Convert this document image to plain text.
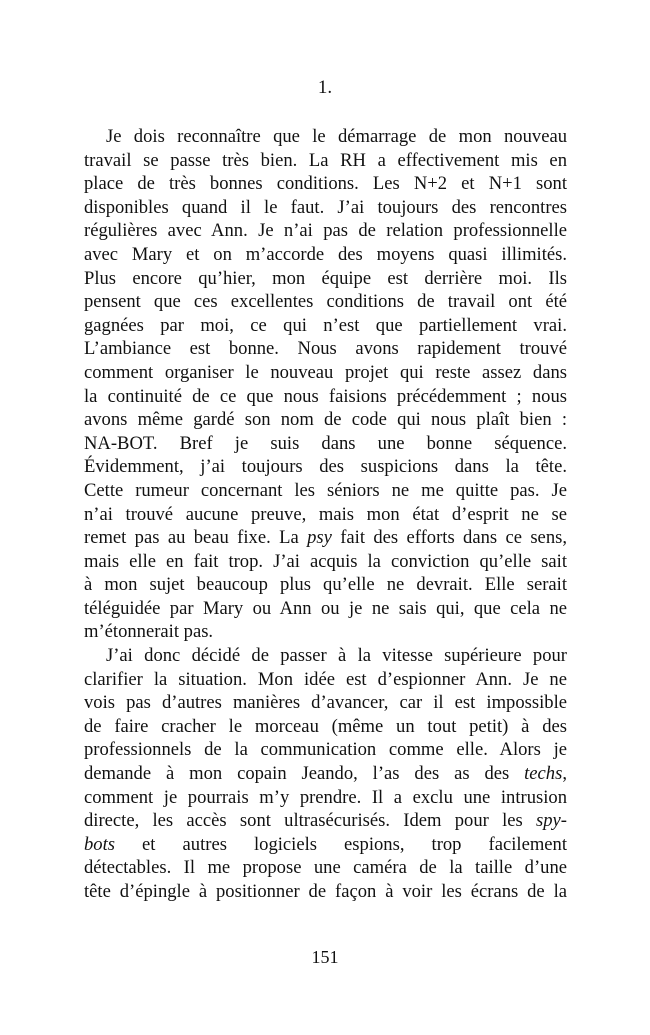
1.
Je dois reconnaître que le démarrage de mon nouveau
travail se passe très bien. La RH a effectivement mis en
place de très bonnes conditions. Les N+2 et N+1 sont
disponibles quand il le faut. J’ai toujours des rencontres
régulières avec Ann. Je n’ai pas de relation professionnelle
avec Mary et on m’accorde des moyens quasi illimités.
Plus encore qu’hier, mon équipe est derrière moi. Ils
pensent que ces excellentes conditions de travail ont été
gagnées par moi, ce qui n’est que partiellement vrai.
L’ambiance est bonne. Nous avons rapidement trouvé
comment organiser le nouveau projet qui reste assez dans
la continuité de ce que nous faisions précédemment ; nous
avons même gardé son nom de code qui nous plaît bien :
NA-BOT. Bref je suis dans une bonne séquence.
Évidemment, j’ai toujours des suspicions dans la tête.
Cette rumeur concernant les séniors ne me quitte pas. Je
n’ai trouvé aucune preuve, mais mon état d’esprit ne se
remet pas au beau fixe. La psy fait des efforts dans ce sens,
mais elle en fait trop. J’ai acquis la conviction qu’elle sait
à mon sujet beaucoup plus qu’elle ne devrait. Elle serait
téléguidée par Mary ou Ann ou je ne sais qui, que cela ne
m’étonnerait pas.
J’ai donc décidé de passer à la vitesse supérieure pour
clarifier la situation. Mon idée est d’espionner Ann. Je ne
vois pas d’autres manières d’avancer, car il est impossible
de faire cracher le morceau (même un tout petit) à des
professionnels de la communication comme elle. Alors je
demande à mon copain Jeando, l’as des as des techs,
comment je pourrais m’y prendre. Il a exclu une intrusion
directe, les accès sont ultrasécurisés. Idem pour les spy-
bots et autres logiciels espions, trop facilement
détectables. Il me propose une caméra de la taille d’une
tête d’épingle à positionner de façon à voir les écrans de la
151
